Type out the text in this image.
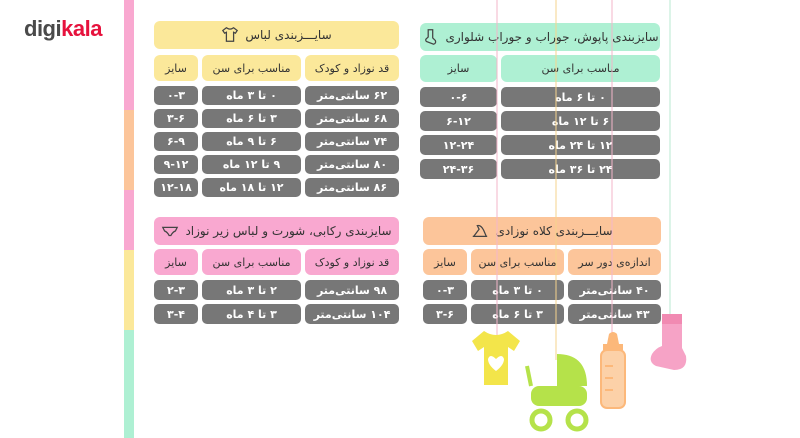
digikala	سایـــزبندی لباس
قد نوزاد و کودک
مناسب برای سن
سایز
۶۲ سانتی‌متر
۰ تا ۳ ماه
۰-۳
۶۸ سانتی‌متر
۳ تا ۶ ماه
۳-۶
۷۴ سانتی‌متر
۶ تا ۹ ماه
۶-۹
۸۰ سانتی‌متر
۹ تا ۱۲ ماه
۹-۱۲
۸۶ سانتی‌متر
۱۲ تا ۱۸ ماه
۱۲-۱۸
سایزبندی پاپوش، جوراب و جوراب شلواری
مناسب برای سن
سایز
۰ تا ۶ ماه
۰-۶
۶ تا ۱۲ ماه
۶-۱۲
۱۲ تا ۲۴ ماه
۱۲-۲۴
۲۴ تا ۳۶ ماه
۲۴-۳۶
سایزبندی رکابی، شورت و لباس زیر نوزاد
قد نوزاد و کودک
مناسب برای سن
سایز
۹۸ سانتی‌متر
۲ تا ۳ ماه
۲-۳
۱۰۴ سانتی‌متر
۳ تا ۴ ماه
۳-۴
سایـــزبندی کلاه نوزادی
اندازه‌ی دور سر
مناسب برای سن
سایز
۴۰ سانتی‌متر
۰ تا ۳ ماه
۰-۳
۴۳ سانتی‌متر
۳ تا ۶ ماه
۳-۶
